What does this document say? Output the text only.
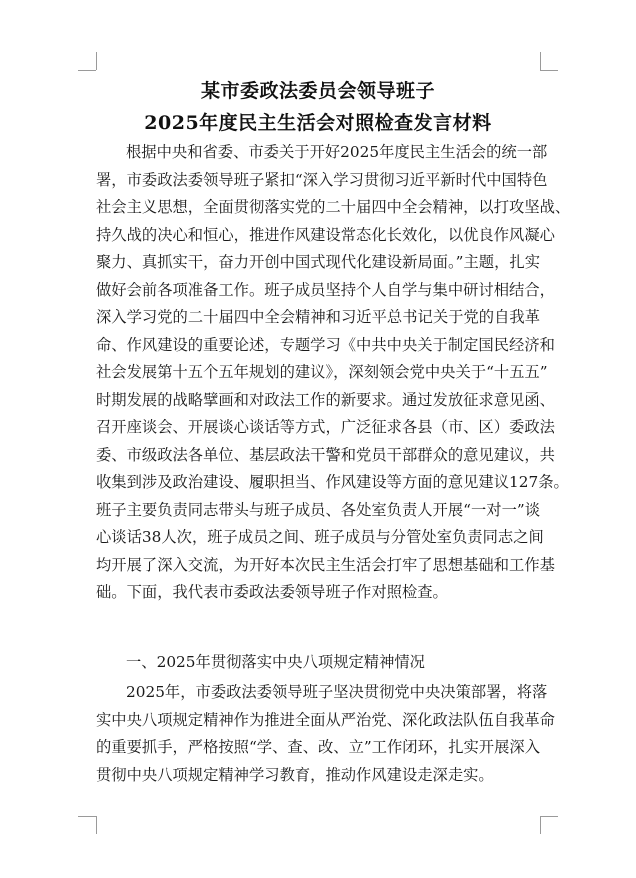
某市委政法委员会领导班子
2025年度民主生活会对照检查发言材料
根据中央和省委、市委关于开好2025年度民主生活会的统一部
署，市委政法委领导班子紧扣“深入学习贯彻习近平新时代中国特色
社会主义思想，全面贯彻落实党的二十届四中全会精神，以打攻坚战、
持久战的决心和恒心，推进作风建设常态化长效化，以优良作风凝心
聚力、真抓实干，奋力开创中国式现代化建设新局面。”主题，扎实
做好会前各项准备工作。班子成员坚持个人自学与集中研讨相结合，
深入学习党的二十届四中全会精神和习近平总书记关于党的自我革
命、作风建设的重要论述，专题学习《中共中央关于制定国民经济和
社会发展第十五个五年规划的建议》，深刻领会党中央关于“十五五”
时期发展的战略擘画和对政法工作的新要求。通过发放征求意见函、
召开座谈会、开展谈心谈话等方式，广泛征求各县（市、区）委政法
委、市级政法各单位、基层政法干警和党员干部群众的意见建议，共
收集到涉及政治建设、履职担当、作风建设等方面的意见建议127条。
班子主要负责同志带头与班子成员、各处室负责人开展“一对一”谈
心谈话38人次，班子成员之间、班子成员与分管处室负责同志之间
均开展了深入交流，为开好本次民主生活会打牢了思想基础和工作基
础。下面，我代表市委政法委领导班子作对照检查。
一、2025年贯彻落实中央八项规定精神情况
2025年，市委政法委领导班子坚决贯彻党中央决策部署，将落
实中央八项规定精神作为推进全面从严治党、深化政法队伍自我革命
的重要抓手，严格按照“学、查、改、立”工作闭环，扎实开展深入
贯彻中央八项规定精神学习教育，推动作风建设走深走实。
